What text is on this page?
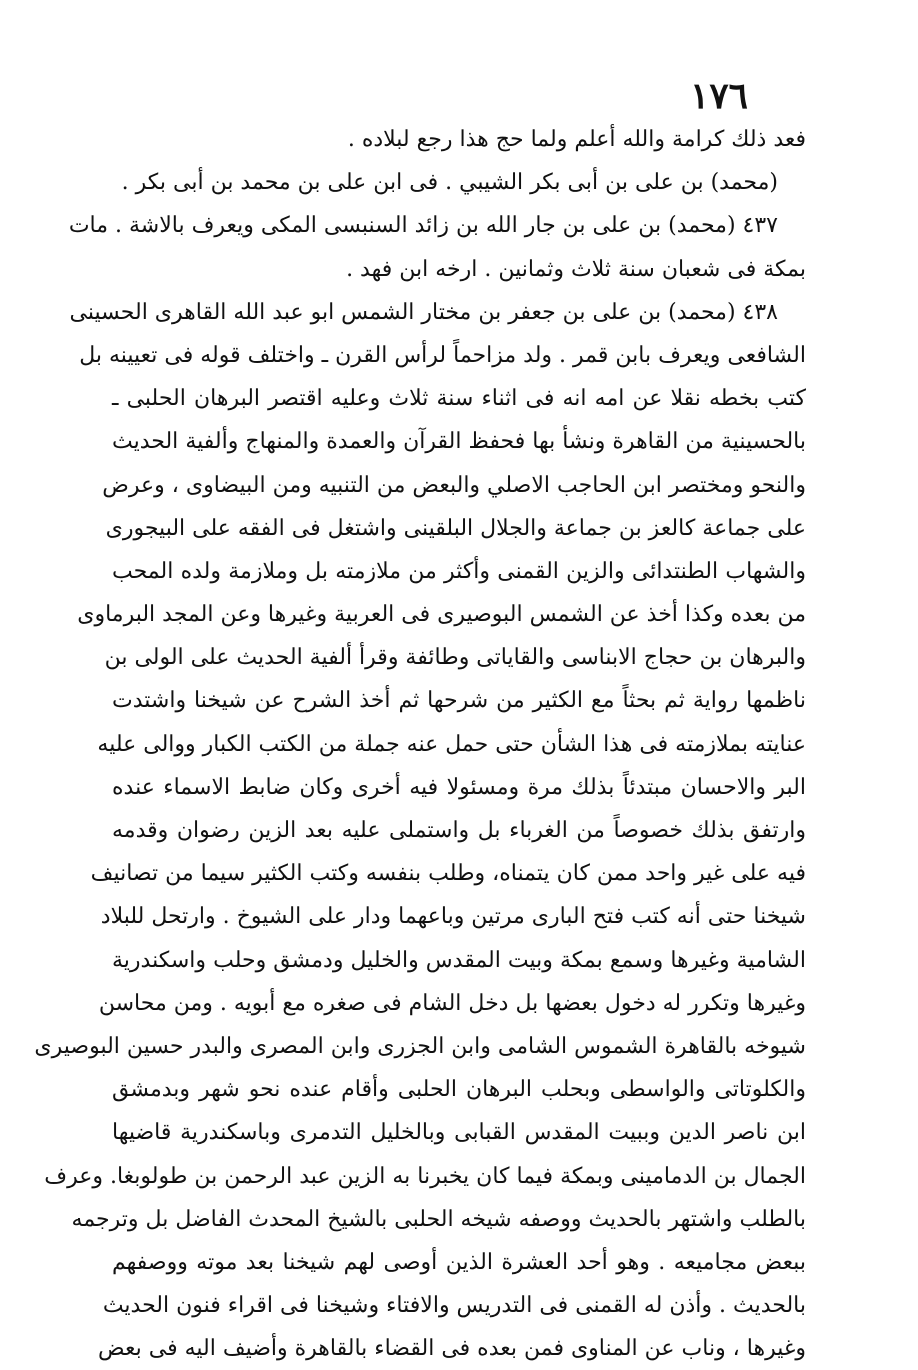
١٧٦
فعد ذلك كرامة والله أعلم ولما حج هذا رجع لبلاده .
(محمد) بن على بن أبى بكر الشيبي . فى ابن على بن محمد بن أبى بكر .
٤٣٧ (محمد) بن على بن جار الله بن زائد السنبسى المكى ويعرف بالاشة . مات
بمكة فى شعبان سنة ثلاث وثمانين . ارخه ابن فهد .
٤٣٨ (محمد) بن على بن جعفر بن مختار الشمس ابو عبد الله القاهرى الحسينى
الشافعى ويعرف بابن قمر . ولد مزاحماً لرأس القرن ـ واختلف قوله فى تعيينه بل
كتب بخطه نقلا عن امه انه فى اثناء سنة ثلاث وعليه اقتصر البرهان الحلبى ـ
بالحسينية من القاهرة ونشأ بها فحفظ القرآن والعمدة والمنهاج وألفية الحديث
والنحو ومختصر ابن الحاجب الاصلي والبعض من التنبيه ومن البيضاوى ، وعرض
على جماعة كالعز بن جماعة والجلال البلقينى واشتغل فى الفقه على البيجورى
والشهاب الطنتدائى والزين القمنى وأكثر من ملازمته بل وملازمة ولده المحب
من بعده وكذا أخذ عن الشمس البوصيرى فى العربية وغيرها وعن المجد البرماوى
والبرهان بن حجاج الابناسى والقاياتى وطائفة وقرأ ألفية الحديث على الولى بن
ناظمها رواية ثم بحثاً مع الكثير من شرحها ثم أخذ الشرح عن شيخنا واشتدت
عنايته بملازمته فى هذا الشأن حتى حمل عنه جملة من الكتب الكبار ووالى عليه
البر والاحسان مبتدئاً بذلك مرة ومسئولا فيه أخرى وكان ضابط الاسماء عنده
وارتفق بذلك خصوصاً من الغرباء بل واستملى عليه بعد الزين رضوان وقدمه
فيه على غير واحد ممن كان يتمناه، وطلب بنفسه وكتب الكثير سيما من تصانيف
شيخنا حتى أنه كتب فتح البارى مرتين وباعهما ودار على الشيوخ . وارتحل للبلاد
الشامية وغيرها وسمع بمكة وبيت المقدس والخليل ودمشق وحلب واسكندرية
وغيرها وتكرر له دخول بعضها بل دخل الشام فى صغره مع أبويه . ومن محاسن
شيوخه بالقاهرة الشموس الشامى وابن الجزرى وابن المصرى والبدر حسين البوصيرى
والكلوتاتى والواسطى وبحلب البرهان الحلبى وأقام عنده نحو شهر وبدمشق
ابن ناصر الدين وببيت المقدس القبابى وبالخليل التدمرى وباسكندرية قاضيها
الجمال بن الدمامينى وبمكة فيما كان يخبرنا به الزين عبد الرحمن بن طولوبغا. وعرف
بالطلب واشتهر بالحديث ووصفه شيخه الحلبى بالشيخ المحدث الفاضل بل وترجمه
ببعض مجاميعه . وهو أحد العشرة الذين أوصى لهم شيخنا بعد موته ووصفهم
بالحديث . وأذن له القمنى فى التدريس والافتاء وشيخنا فى اقراء فنون الحديث
وغيرها ، وناب عن المناوى فمن بعده فى القضاء بالقاهرة وأضيف اليه فى بعض
